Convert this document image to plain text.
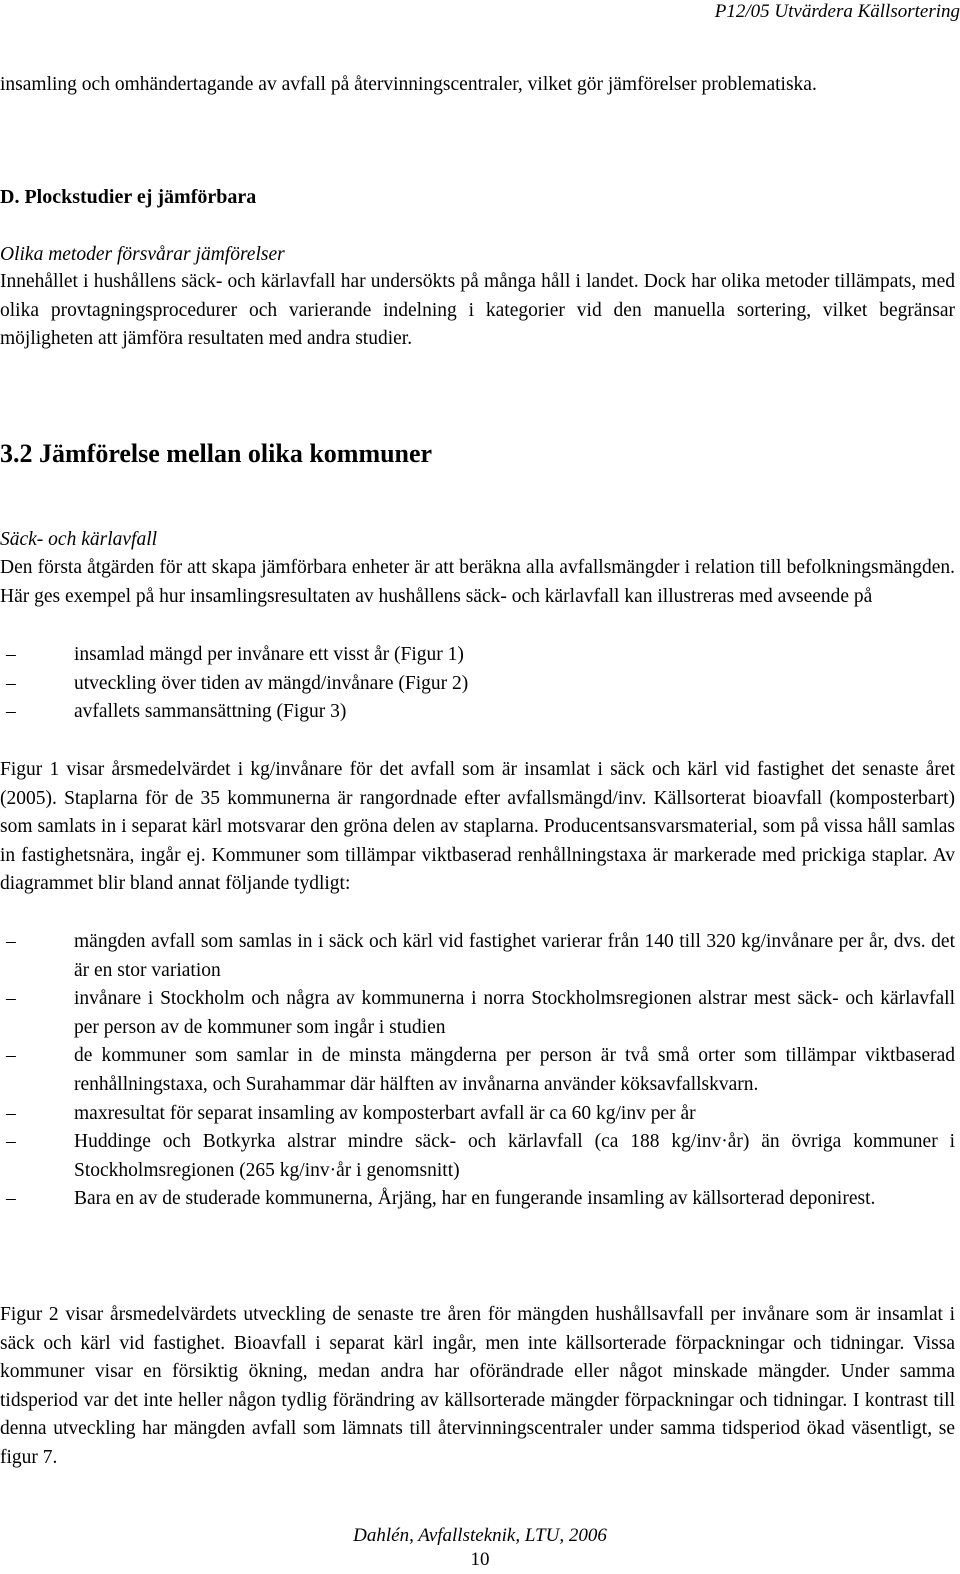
P12/05 Utvärdera Källsortering

insamling och omhändertagande av avfall på återvinningscentraler, vilket gör jämförelser problematiska.

D. Plockstudier ej jämförbara

Olika metoder försvårar jämförelser

Innehållet i hushållens säck- och kärlavfall har undersökts på många håll i landet. Dock har olika metoder tillämpats, med olika provtagningsprocedurer och varierande indelning i kategorier vid den manuella sortering, vilket begränsar möjligheten att jämföra resultaten med andra studier.

3.2 Jämförelse mellan olika kommuner

Säck- och kärlavfall

Den första åtgärden för att skapa jämförbara enheter är att beräkna alla avfallsmängder i relation till befolkningsmängden. Här ges exempel på hur insamlingsresultaten av hushållens säck- och kärlavfall kan illustreras med avseende på

– insamlad mängd per invånare ett visst år (Figur 1)
– utveckling över tiden av mängd/invånare (Figur 2)
– avfallets sammansättning (Figur 3)

Figur 1 visar årsmedelvärdet i kg/invånare för det avfall som är insamlat i säck och kärl vid fastighet det senaste året (2005). Staplarna för de 35 kommunerna är rangordnade efter avfallsmängd/inv. Källsorterat bioavfall (komposterbart) som samlats in i separat kärl motsvarar den gröna delen av staplarna. Producentsansvarsmaterial, som på vissa håll samlas in fastighetsnära, ingår ej. Kommuner som tillämpar viktbaserad renhållningstaxa är markerade med prickiga staplar. Av diagrammet blir bland annat följande tydligt:

– mängden avfall som samlas in i säck och kärl vid fastighet varierar från 140 till 320 kg/invånare per år, dvs. det är en stor variation
– invånare i Stockholm och några av kommunerna i norra Stockholmsregionen alstrar mest säck- och kärlavfall per person av de kommuner som ingår i studien
– de kommuner som samlar in de minsta mängderna per person är två små orter som tillämpar viktbaserad renhållningstaxa, och Surahammar där hälften av invånarna använder köksavfallskvarn.
– maxresultat för separat insamling av komposterbart avfall är ca 60 kg/inv per år
– Huddinge och Botkyrka alstrar mindre säck- och kärlavfall (ca 188 kg/inv·år) än övriga kommuner i Stockholmsregionen (265 kg/inv·år i genomsnitt)
– Bara en av de studerade kommunerna, Årjäng, har en fungerande insamling av källsorterad deponirest.

Figur 2 visar årsmedelvärdets utveckling de senaste tre åren för mängden hushållsavfall per invånare som är insamlat i säck och kärl vid fastighet. Bioavfall i separat kärl ingår, men inte källsorterade förpackningar och tidningar. Vissa kommuner visar en försiktig ökning, medan andra har oförändrade eller något minskade mängder. Under samma tidsperiod var det inte heller någon tydlig förändring av källsorterade mängder förpackningar och tidningar. I kontrast till denna utveckling har mängden avfall som lämnats till återvinningscentraler under samma tidsperiod ökad väsentligt, se figur 7.

Dahlén, Avfallsteknik, LTU, 2006
10
